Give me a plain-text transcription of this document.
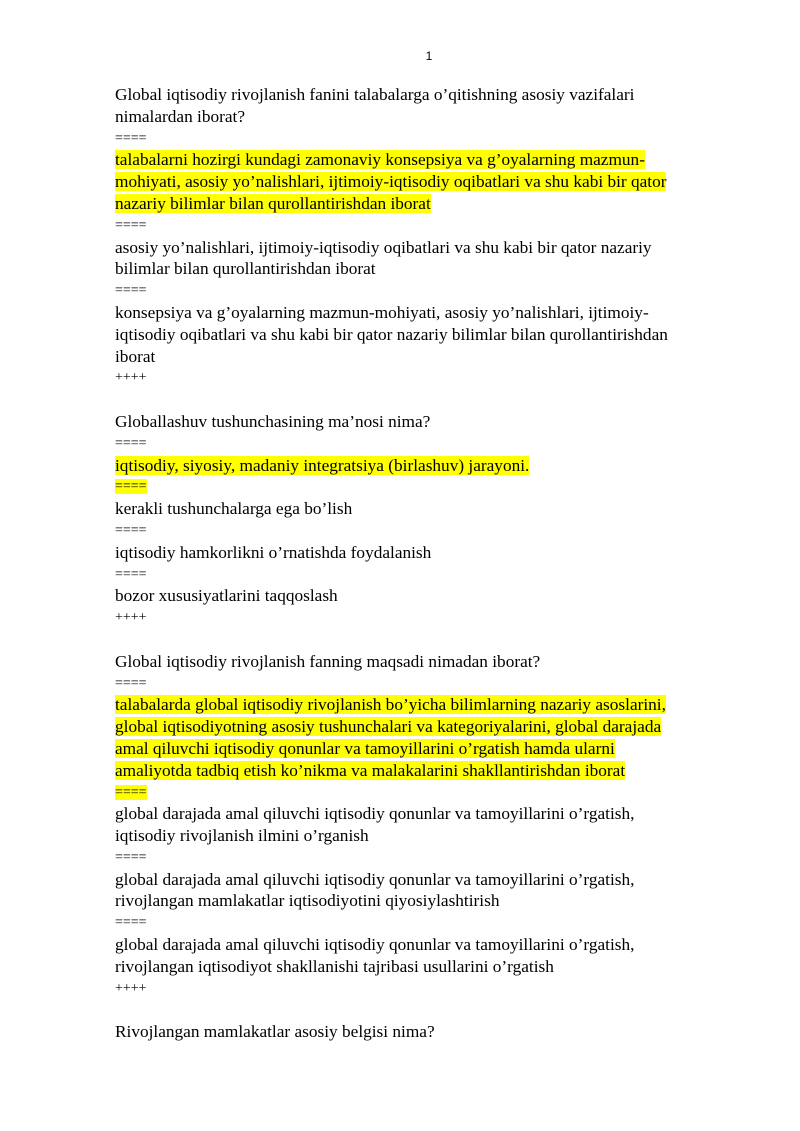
1
Global iqtisodiy rivojlanish fanini talabalarga o’qitishning asosiy vazifalari
nimalardan iborat?
====
talabalarni hozirgi kundagi zamonaviy konsepsiya va g’oyalarning mazmun-
mohiyati, asosiy yo’nalishlari, ijtimoiy-iqtisodiy oqibatlari va shu kabi bir qator
nazariy bilimlar bilan qurollantirishdan iborat
====
asosiy yo’nalishlari, ijtimoiy-iqtisodiy oqibatlari va shu kabi bir qator nazariy
bilimlar bilan qurollantirishdan iborat
====
konsepsiya va g’oyalarning mazmun-mohiyati, asosiy yo’nalishlari, ijtimoiy-
iqtisodiy oqibatlari va shu kabi bir qator nazariy bilimlar bilan qurollantirishdan
iborat
++++
Globallashuv tushunchasining ma’nosi nima?
====
iqtisodiy, siyosiy, madaniy integratsiya (birlashuv) jarayoni.
====
kerakli tushunchalarga ega bo’lish
====
iqtisodiy hamkorlikni o’rnatishda foydalanish
====
bozor xususiyatlarini taqqoslash
++++
Global iqtisodiy rivojlanish fanning maqsadi nimadan iborat?
====
talabalarda global iqtisodiy rivojlanish bo’yicha bilimlarning nazariy asoslarini,
global iqtisodiyotning asosiy tushunchalari va kategoriyalarini, global darajada
amal qiluvchi iqtisodiy qonunlar va tamoyillarini o’rgatish hamda ularni
amaliyotda tadbiq etish ko’nikma va malakalarini shakllantirishdan iborat
====
global darajada amal qiluvchi iqtisodiy qonunlar va tamoyillarini o’rgatish,
iqtisodiy rivojlanish ilmini o’rganish
====
global darajada amal qiluvchi iqtisodiy qonunlar va tamoyillarini o’rgatish,
rivojlangan mamlakatlar iqtisodiyotini qiyosiylashtirish
====
global darajada amal qiluvchi iqtisodiy qonunlar va tamoyillarini o’rgatish,
rivojlangan iqtisodiyot shakllanishi tajribasi usullarini o’rgatish
++++
Rivojlangan mamlakatlar asosiy belgisi nima?
